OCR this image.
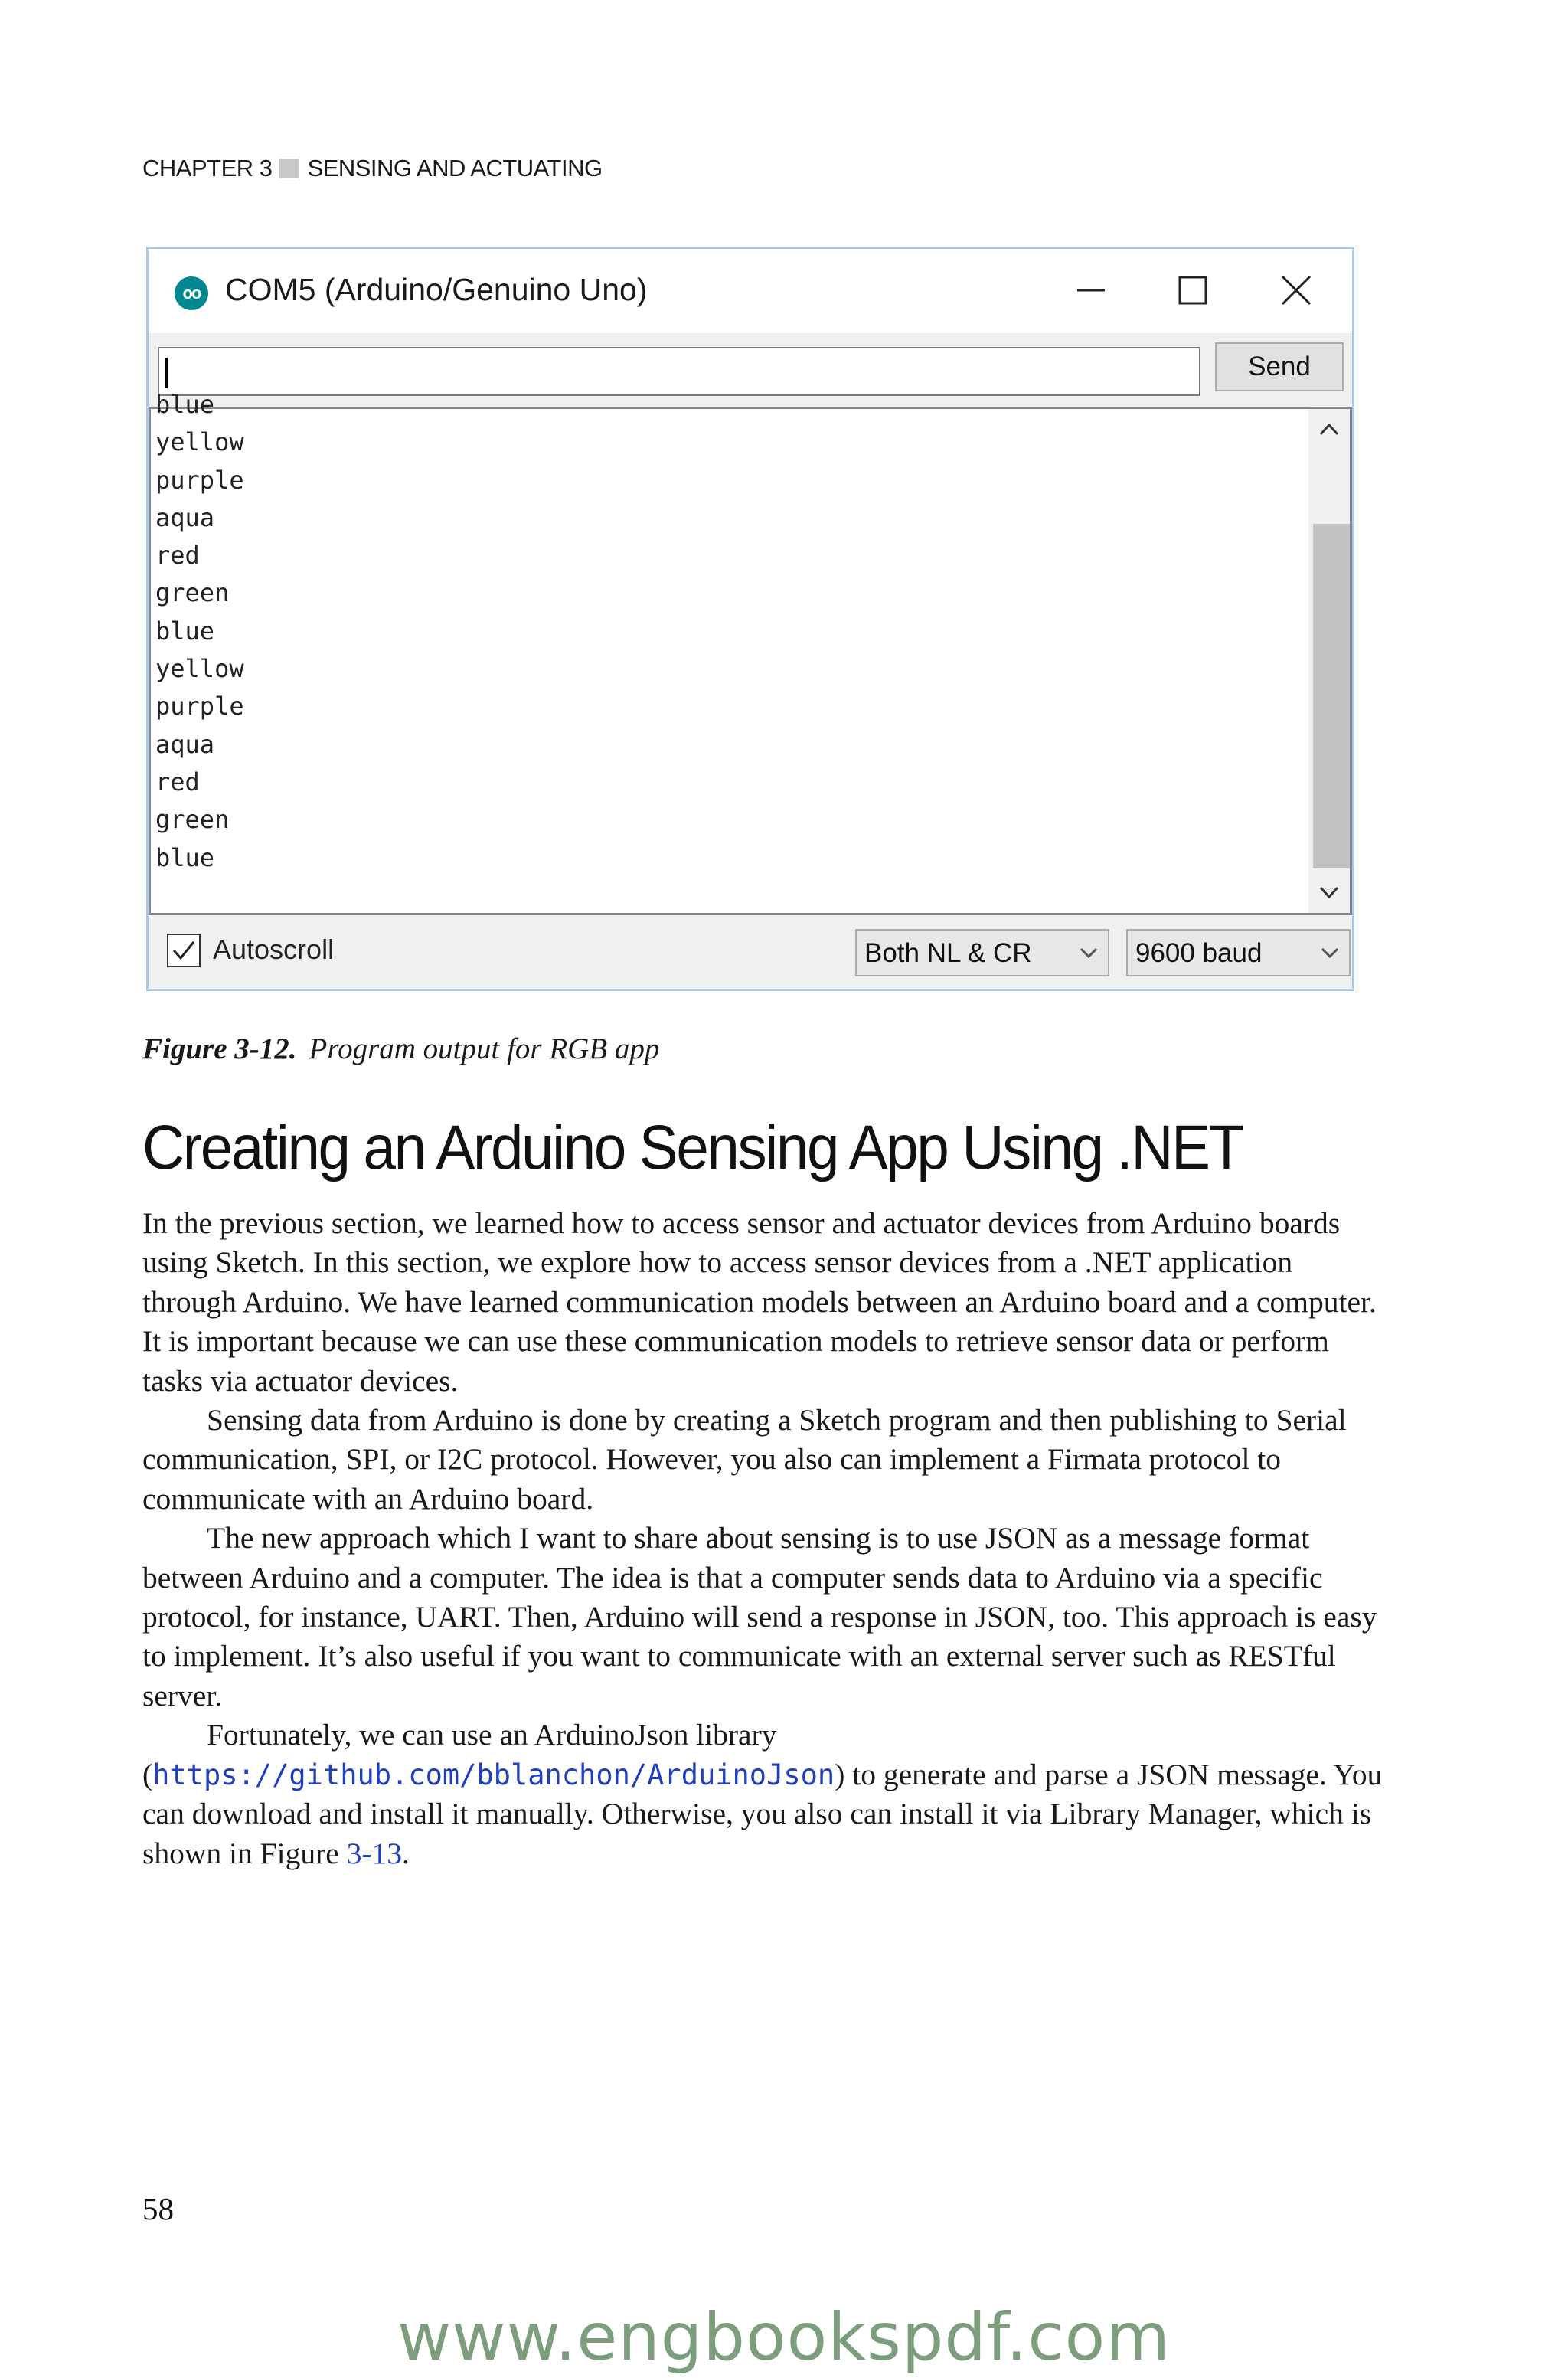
CHAPTER 3 SENSING AND ACTUATING
oo COM5 (Arduino/Genuino Uno)
Send
blue
yellow
purple
aqua
red
green
blue
yellow
purple
aqua
red
green
blue
Autoscroll	Both NL & CR	9600 baud
Figure 3-12. Program output for RGB app
Creating an Arduino Sensing App Using .NET

In the previous section, we learned how to access sensor and actuator devices from Arduino boards using Sketch. In this section, we explore how to access sensor devices from a .NET application through Arduino. We have learned communication models between an Arduino board and a computer. It is important because we can use these communication models to retrieve sensor data or perform tasks via actuator devices.

Sensing data from Arduino is done by creating a Sketch program and then publishing to Serial communication, SPI, or I2C protocol. However, you also can implement a Firmata protocol to communicate with an Arduino board.

The new approach which I want to share about sensing is to use JSON as a message format between Arduino and a computer. The idea is that a computer sends data to Arduino via a specific protocol, for instance, UART. Then, Arduino will send a response in JSON, too. This approach is easy to implement. It’s also useful if you want to communicate with an external server such as RESTful server.

Fortunately, we can use an ArduinoJson library (https://github.com/bblanchon/ArduinoJson) to generate and parse a JSON message. You can download and install it manually. Otherwise, you also can install it via Library Manager, which is shown in Figure 3-13.

58
www.engbookspdf.com
